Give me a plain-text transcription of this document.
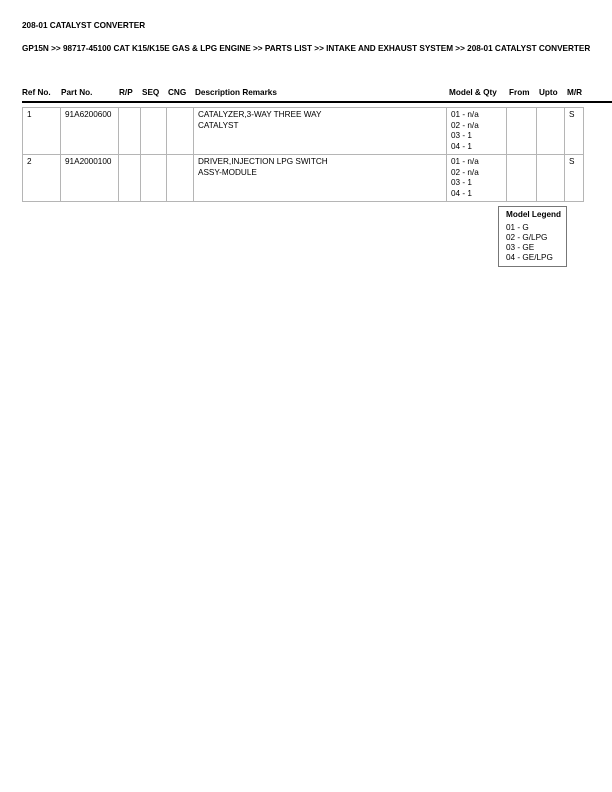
208-01 CATALYST CONVERTER
GP15N >> 98717-45100 CAT K15/K15E GAS & LPG ENGINE >> PARTS LIST >> INTAKE AND EXHAUST SYSTEM >> 208-01 CATALYST CONVERTER
Ref No. Part No.	R/P SEQ CNG Description Remarks	Model & Qty From Upto M/R
1	91A6200600				CATALYZER,3-WAY THREE WAY CATALYST	01 - n/a
02 - n/a
03 - 1
04 - 1			S
2	91A2000100				DRIVER,INJECTION LPG SWITCH ASSY-MODULE	01 - n/a
02 - n/a
03 - 1
04 - 1			S
Model Legend
01 - G
02 - G/LPG
03 - GE
04 - GE/LPG
